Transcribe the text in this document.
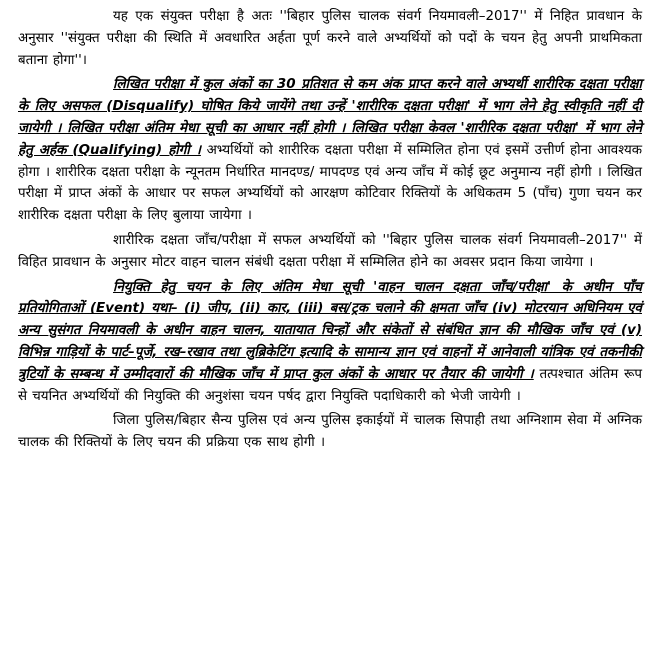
यह एक संयुक्त परीक्षा है अतः ''बिहार पुलिस चालक संवर्ग नियमावली–2017'' में निहित प्रावधान के अनुसार ''संयुक्त परीक्षा की स्थिति में अवधारित अर्हता पूर्ण करने वाले अभ्यर्थियों को पदों के चयन हेतु अपनी प्राथमिकता बताना होगा''।

लिखित परीक्षा में कुल अंकों का 30 प्रतिशत से कम अंक प्राप्त करने वाले अभ्यर्थी शारीरिक दक्षता परीक्षा के लिए असफल (Disqualify) घोषित किये जायेंगे तथा उन्हें 'शारीरिक दक्षता परीक्षा' में भाग लेने हेतु स्वीकृति नहीं दी जायेगी । लिखित परीक्षा अंतिम मेधा सूची का आधार नहीं होगी । लिखित परीक्षा केवल 'शारीरिक दक्षता परीक्षा' में भाग लेने हेतु अर्हक (Qualifying) होगी । अभ्यर्थियों को शारीरिक दक्षता परीक्षा में सम्मिलित होना एवं इसमें उत्तीर्ण होना आवश्यक होगा । शारीरिक दक्षता परीक्षा के न्यूनतम निर्धारित मानदण्ड/ मापदण्ड एवं अन्य जाँच में कोई छूट अनुमान्य नहीं होगी । लिखित परीक्षा में प्राप्त अंकों के आधार पर सफल अभ्यर्थियों को आरक्षण कोटिवार रिक्तियों के अधिकतम 5 (पाँच) गुणा चयन कर शारीरिक दक्षता परीक्षा के लिए बुलाया जायेगा ।

शारीरिक दक्षता जाँच/परीक्षा में सफल अभ्यर्थियों को ''बिहार पुलिस चालक संवर्ग नियमावली–2017'' में विहित प्रावधान के अनुसार मोटर वाहन चालन संबंधी दक्षता परीक्षा में सम्मिलित होने का अवसर प्रदान किया जायेगा ।

नियुक्ति हेतु चयन के लिए अंतिम मेधा सूची 'वाहन चालन दक्षता जाँच/परीक्षा' के अधीन पाँच प्रतियोगिताओं (Event) यथा– (i) जीप, (ii) कार, (iii) बस/ट्रक चलाने की क्षमता जाँच (iv) मोटरयान अधिनियम एवं अन्य सुसंगत नियमावली के अधीन वाहन चालन, यातायात चिन्हों और संकेतों से संबंधित ज्ञान की मौखिक जाँच एवं (v) विभिन्न गाड़ियों के पार्ट–पूर्जे, रख–रखाव तथा लुब्रिकेटिंग इत्यादि के सामान्य ज्ञान एवं वाहनों में आनेवाली यांत्रिक एवं तकनीकी त्रुटियों के सम्बन्ध में उम्मीदवारों की मौखिक जाँच में प्राप्त कुल अंकों के आधार पर तैयार की जायेगी । तत्पश्चात अंतिम रूप से चयनित अभ्यर्थियों की नियुक्ति की अनुशंसा चयन पर्षद द्वारा नियुक्ति पदाधिकारी को भेजी जायेगी ।

जिला पुलिस/बिहार सैन्य पुलिस एवं अन्य पुलिस इकाईयों में चालक सिपाही तथा अग्निशाम सेवा में अग्निक चालक की रिक्तियों के लिए चयन की प्रक्रिया एक साथ होगी ।
